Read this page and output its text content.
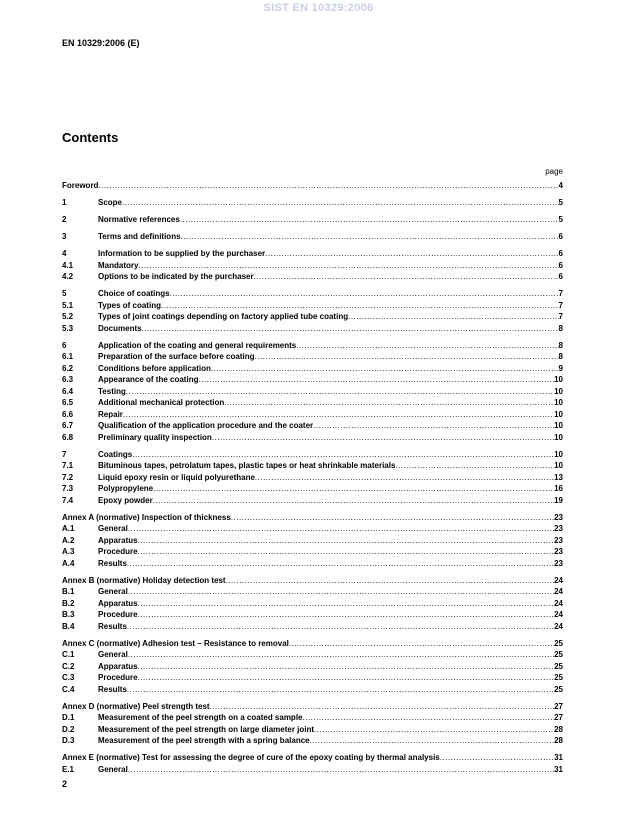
SIST EN 10329:2006
EN 10329:2006 (E)
Contents
page
Foreword .....	4
1	Scope .....	5
2	Normative references .....	5
3	Terms and definitions .....	6
4	Information to be supplied by the purchaser .....	6
4.1	Mandatory .....	6
4.2	Options to be indicated by the purchaser .....	6
5	Choice of coatings .....	7
5.1	Types of coating .....	7
5.2	Types of joint coatings depending on factory applied tube coating .....	7
5.3	Documents .....	8
6	Application of the coating and general requirements .....	8
6.1	Preparation of the surface before coating .....	8
6.2	Conditions before application .....	9
6.3	Appearance of the coating .....	10
6.4	Testing .....	10
6.5	Additional mechanical protection .....	10
6.6	Repair .....	10
6.7	Qualification of the application procedure and the coater .....	10
6.8	Preliminary quality inspection .....	10
7	Coatings .....	10
7.1	Bituminous tapes, petrolatum tapes, plastic tapes or heat shrinkable materials .....	10
7.2	Liquid epoxy resin or liquid polyurethane .....	13
7.3	Polypropylene .....	16
7.4	Epoxy powder .....	19
Annex A (normative) Inspection of thickness .....	23
A.1	General .....	23
A.2	Apparatus .....	23
A.3	Procedure .....	23
A.4	Results .....	23
Annex B (normative) Holiday detection test .....	24
B.1	General .....	24
B.2	Apparatus .....	24
B.3	Procedure .....	24
B.4	Results .....	24
Annex C (normative) Adhesion test – Resistance to removal .....	25
C.1	General .....	25
C.2	Apparatus .....	25
C.3	Procedure .....	25
C.4	Results .....	25
Annex D (normative) Peel strength test .....	27
D.1	Measurement of the peel strength on a coated sample .....	27
D.2	Measurement of the peel strength on large diameter joint .....	28
D.3	Measurement of the peel strength with a spring balance .....	28
Annex E (normative) Test for assessing the degree of cure of the epoxy coating by thermal analysis .....	31
E.1	General .....	31
2
